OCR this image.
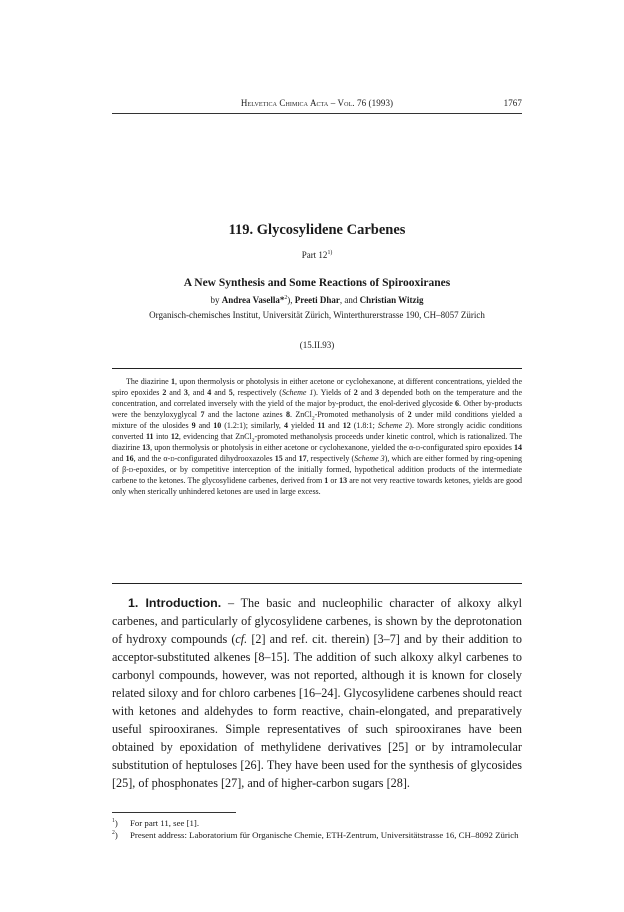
Helvetica Chimica Acta – Vol. 76 (1993)	1767
119. Glycosylidene Carbenes
Part 12$^{1)}$
A New Synthesis and Some Reactions of Spirooxiranes
by Andrea Vasella*$^2$), Preeti Dhar, and Christian Witzig
Organisch-chemisches Institut, Universität Zürich, Winterthurerstrasse 190, CH–8057 Zürich
(15.II.93)
The diazirine 1, upon thermolysis or photolysis in either acetone or cyclohexanone, at different concentrations, yielded the spiro epoxides 2 and 3, and 4 and 5, respectively (Scheme 1). Yields of 2 and 3 depended both on the temperature and the concentration, and correlated inversely with the yield of the major by-product, the enol-derived glycoside 6. Other by-products were the benzyloxyglycal 7 and the lactone azines 8. ZnCl$_2$-Promoted methanolysis of 2 under mild conditions yielded a mixture of the ulosides 9 and 10 (1.2:1); similarly, 4 yielded 11 and 12 (1.8:1; Scheme 2). More strongly acidic conditions converted 11 into 12, evidencing that ZnCl$_2$-promoted methanolysis proceeds under kinetic control, which is rationalized. The diazirine 13, upon thermolysis or photolysis in either acetone or cyclohexanone, yielded the α-d-configurated spiro epoxides 14 and 16, and the α-d-configurated dihydrooxazoles 15 and 17, respectively (Scheme 3), which are either formed by ring-opening of β-d-epoxides, or by competitive interception of the initially formed, hypothetical addition products of the intermediate carbene to the ketones. The glycosylidene carbenes, derived from 1 or 13 are not very reactive towards ketones, yields are good only when sterically unhindered ketones are used in large excess.
1. Introduction. – The basic and nucleophilic character of alkoxy alkyl carbenes, and particularly of glycosylidene carbenes, is shown by the deprotonation of hydroxy compounds (cf. [2] and ref. cit. therein) [3–7] and by their addition to acceptor-substituted alkenes [8–15]. The addition of such alkoxy alkyl carbenes to carbonyl compounds, however, was not reported, although it is known for closely related siloxy and for chloro carbenes [16–24]. Glycosylidene carbenes should react with ketones and aldehydes to form reactive, chain-elongated, and preparatively useful spirooxiranes. Simple representatives of such spirooxiranes have been obtained by epoxidation of methylidene derivatives [25] or by intramolecular substitution of heptuloses [26]. They have been used for the synthesis of glycosides [25], of phosphonates [27], and of higher-carbon sugars [28].
$^1$) For part 11, see [1].
$^2$) Present address: Laboratorium für Organische Chemie, ETH-Zentrum, Universitätstrasse 16, CH–8092 Zürich
